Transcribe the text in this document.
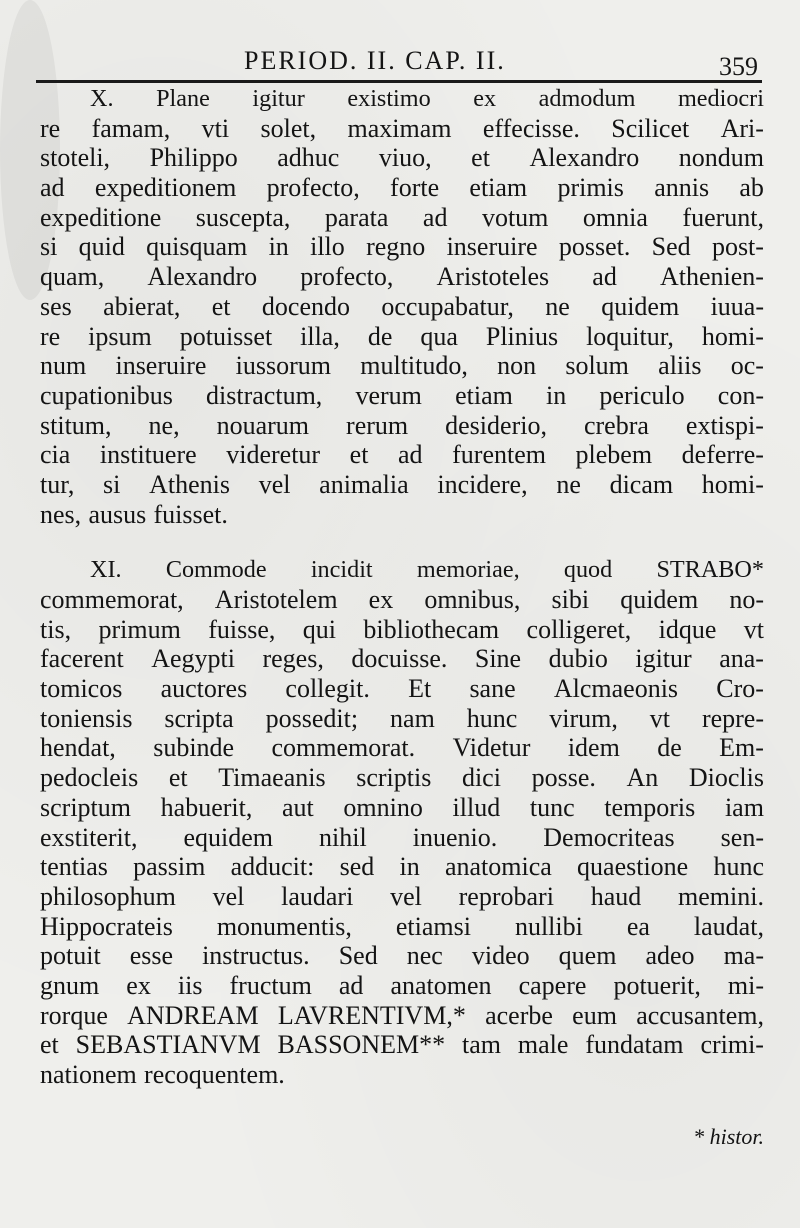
PERIOD. II. CAP. II.	359
X. Plane igitur existimo ex admodum mediocri
re famam, vti solet, maximam effecisse. Scilicet Ari-
stoteli, Philippo adhuc viuo, et Alexandro nondum
ad expeditionem profecto, forte etiam primis annis ab
expeditione suscepta, parata ad votum omnia fuerunt,
si quid quisquam in illo regno inseruire posset. Sed post-
quam, Alexandro profecto, Aristoteles ad Athenien-
ses abierat, et docendo occupabatur, ne quidem iuua-
re ipsum potuisset illa, de qua Plinius loquitur, homi-
num inseruire iussorum multitudo, non solum aliis oc-
cupationibus distractum, verum etiam in periculo con-
stitum, ne, nouarum rerum desiderio, crebra extispi-
cia instituere videretur et ad furentem plebem deferre-
tur, si Athenis vel animalia incidere, ne dicam homi-
nes, ausus fuisset.
XI. Commode incidit memoriae, quod STRABO*
commemorat, Aristotelem ex omnibus, sibi quidem no-
tis, primum fuisse, qui bibliothecam colligeret, idque vt
facerent Aegypti reges, docuisse. Sine dubio igitur ana-
tomicos auctores collegit. Et sane Alcmaeonis Cro-
toniensis scripta possedit; nam hunc virum, vt repre-
hendat, subinde commemorat. Videtur idem de Em-
pedocleis et Timaeanis scriptis dici posse. An Dioclis
scriptum habuerit, aut omnino illud tunc temporis iam
exstiterit, equidem nihil inuenio. Democriteas sen-
tentias passim adducit: sed in anatomica quaestione hunc
philosophum vel laudari vel reprobari haud memini.
Hippocrateis monumentis, etiamsi nullibi ea laudat,
potuit esse instructus. Sed nec video quem adeo ma-
gnum ex iis fructum ad anatomen capere potuerit, mi-
rorque ANDREAM LAVRENTIVM,* acerbe eum accusantem,
et SEBASTIANVM BASSONEM** tam male fundatam crimi-
nationem recoquentem.
* histor.
